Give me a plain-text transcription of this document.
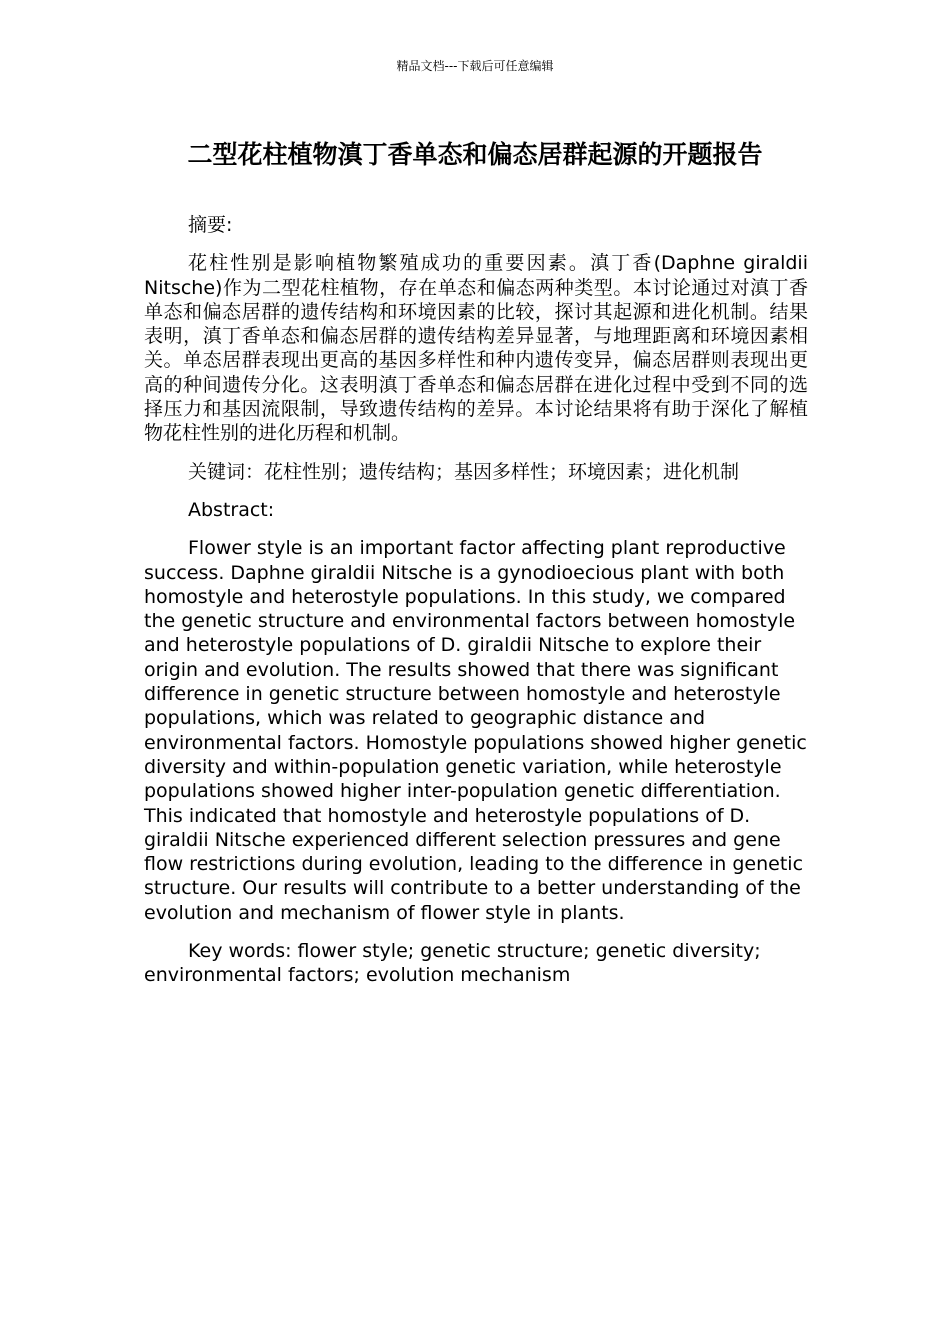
精品文档---下载后可任意编辑
二型花柱植物滇丁香单态和偏态居群起源的开题报告

摘要:

花柱性别是影响植物繁殖成功的重要因素。滇丁香(Daphne giraldii Nitsche)作为二型花柱植物，存在单态和偏态两种类型。本讨论通过对滇丁香单态和偏态居群的遗传结构和环境因素的比较，探讨其起源和进化机制。结果表明，滇丁香单态和偏态居群的遗传结构差异显著，与地理距离和环境因素相关。单态居群表现出更高的基因多样性和种内遗传变异，偏态居群则表现出更高的种间遗传分化。这表明滇丁香单态和偏态居群在进化过程中受到不同的选择压力和基因流限制，导致遗传结构的差异。本讨论结果将有助于深化了解植物花柱性别的进化历程和机制。

关键词：花柱性别；遗传结构；基因多样性；环境因素；进化机制

Abstract:

Flower style is an important factor affecting plant reproductive success. Daphne giraldii Nitsche is a gynodioecious plant with both homostyle and heterostyle populations. In this study, we compared the genetic structure and environmental factors between homostyle and heterostyle populations of D. giraldii Nitsche to explore their origin and evolution. The results showed that there was significant difference in genetic structure between homostyle and heterostyle populations, which was related to geographic distance and environmental factors. Homostyle populations showed higher genetic diversity and within-population genetic variation, while heterostyle populations showed higher inter-population genetic differentiation. This indicated that homostyle and heterostyle populations of D. giraldii Nitsche experienced different selection pressures and gene flow restrictions during evolution, leading to the difference in genetic structure. Our results will contribute to a better understanding of the evolution and mechanism of flower style in plants.

Key words: flower style; genetic structure; genetic diversity; environmental factors; evolution mechanism
